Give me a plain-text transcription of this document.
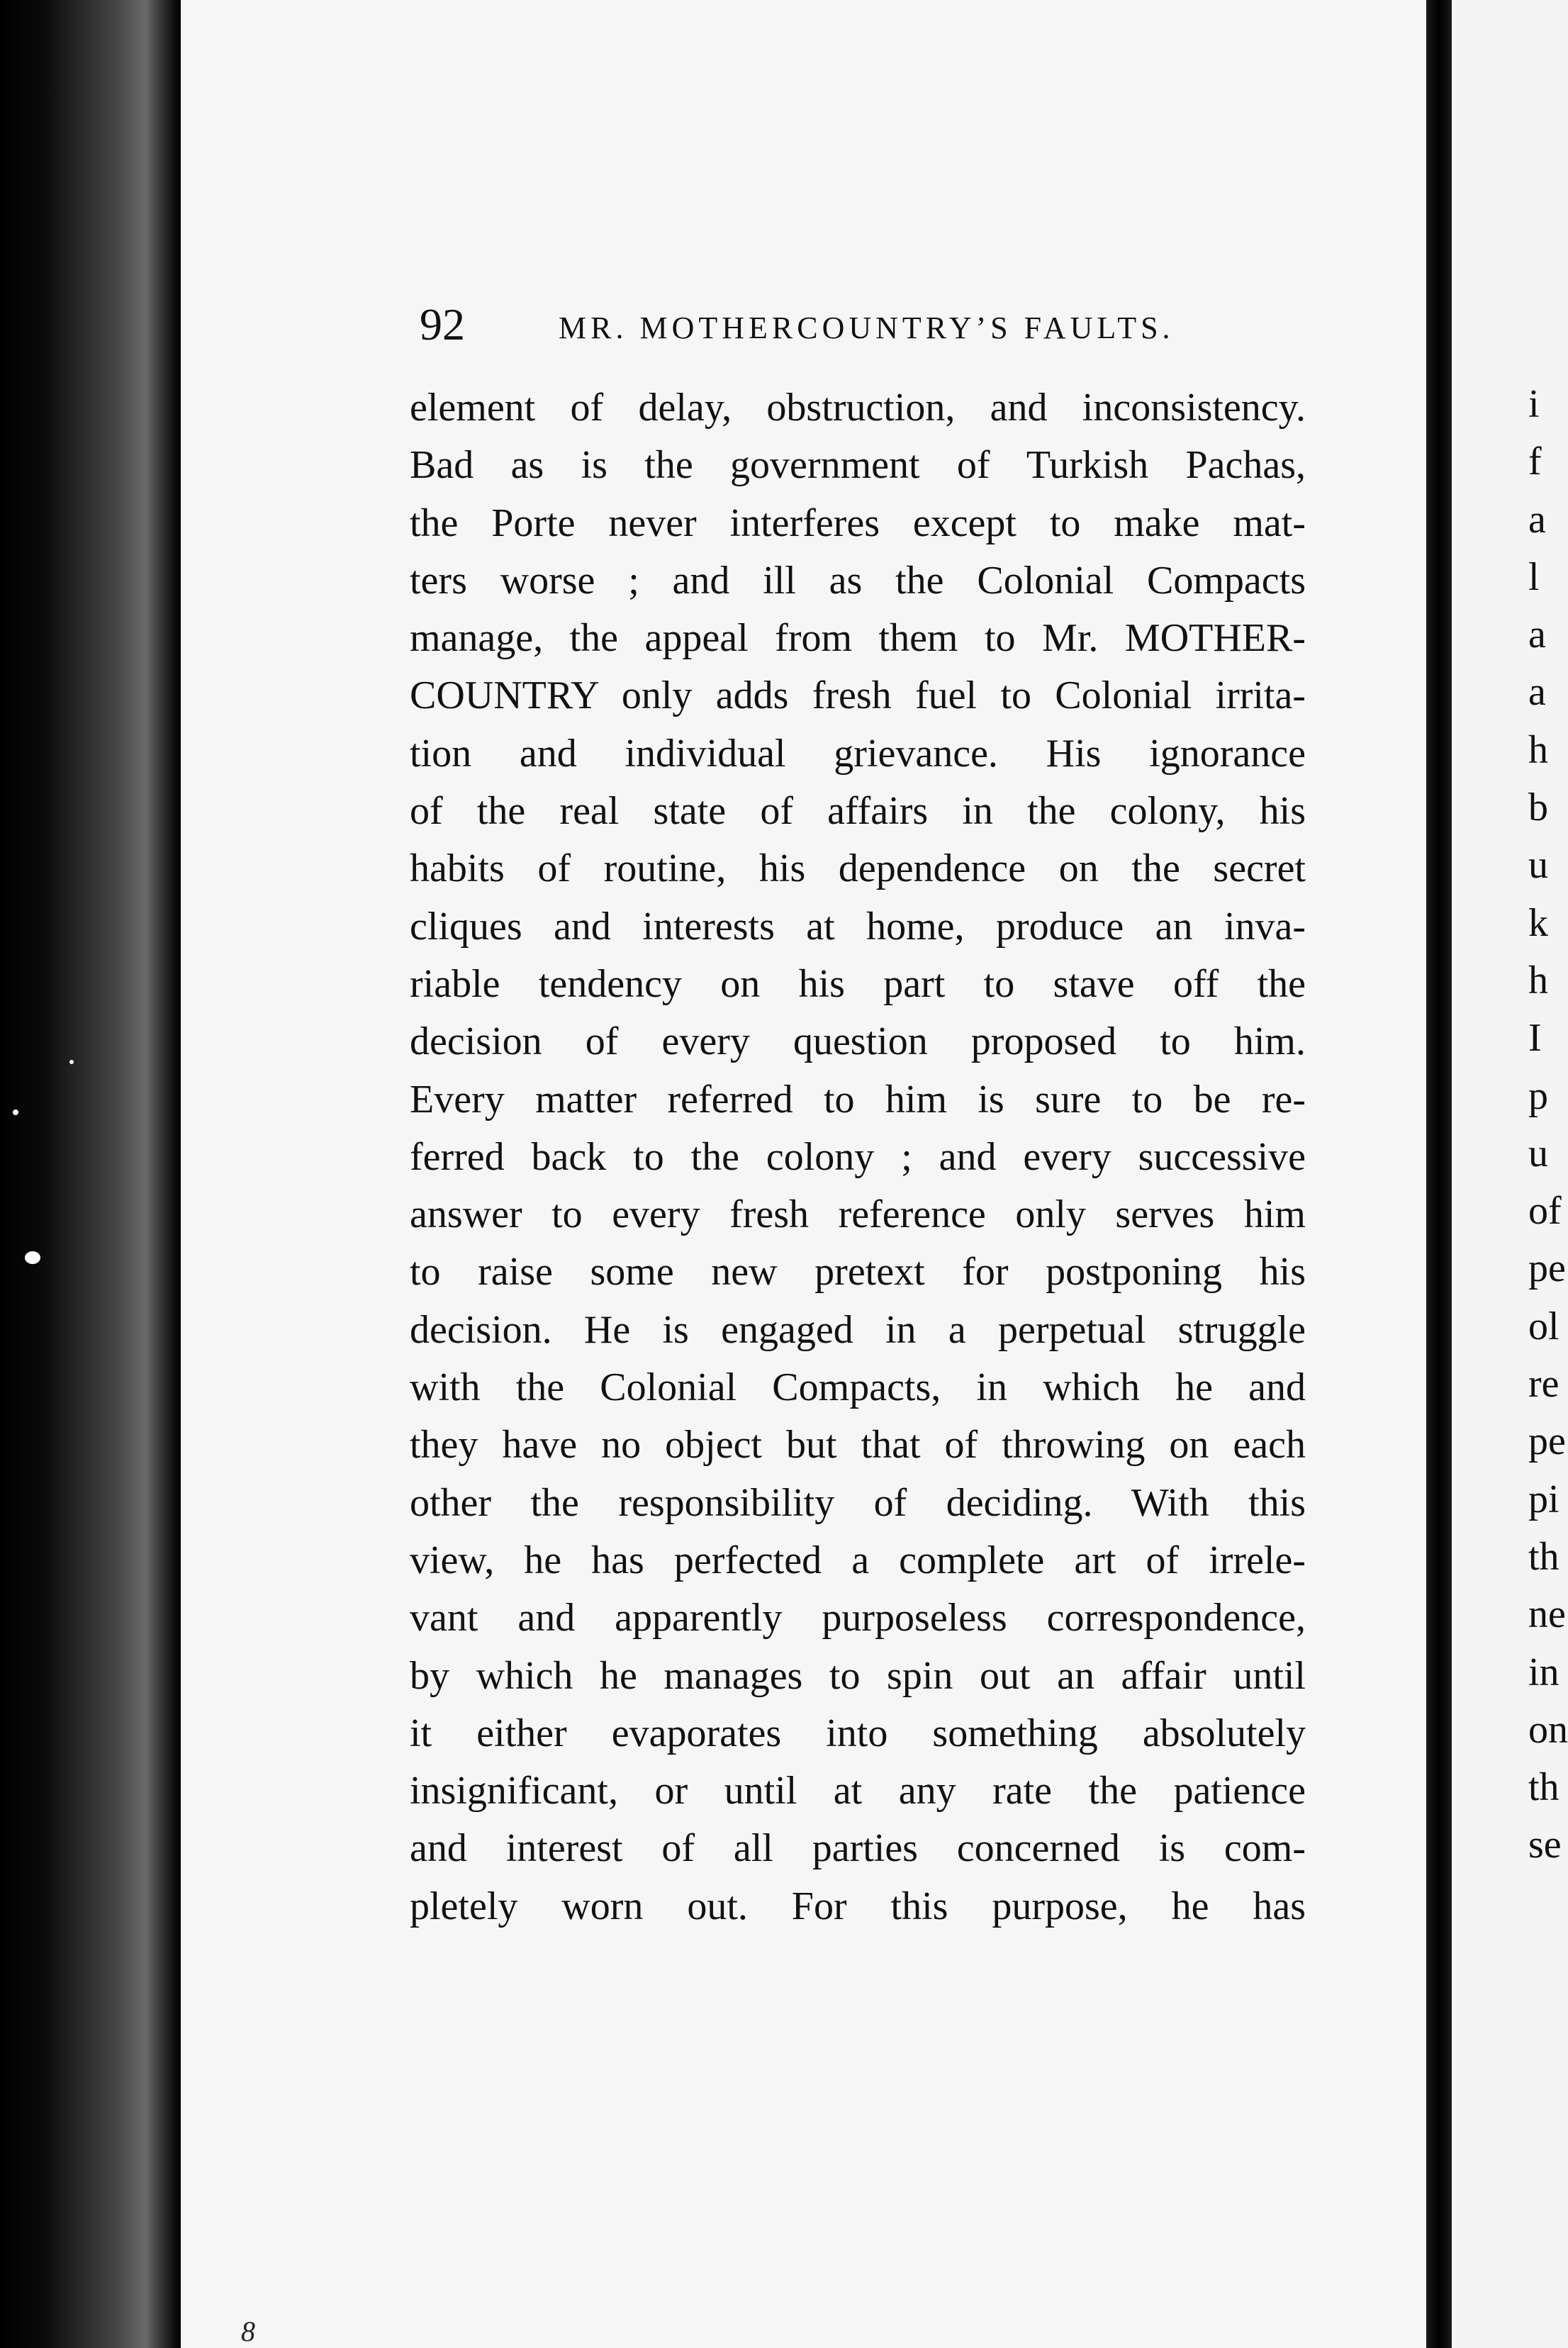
92	MR. MOTHERCOUNTRY’S FAULTS.
element of delay, obstruction, and inconsistency.
Bad as is the government of Turkish Pachas,
the Porte never interferes except to make mat-
ters worse ; and ill as the Colonial Compacts
manage, the appeal from them to Mr. MOTHER-
COUNTRY only adds fresh fuel to Colonial irrita-
tion and individual grievance. His ignorance
of the real state of affairs in the colony, his
habits of routine, his dependence on the secret
cliques and interests at home, produce an inva-
riable tendency on his part to stave off the
decision of every question proposed to him.
Every matter referred to him is sure to be re-
ferred back to the colony ; and every successive
answer to every fresh reference only serves him
to raise some new pretext for postponing his
decision. He is engaged in a perpetual struggle
with the Colonial Compacts, in which he and
they have no object but that of throwing on each
other the responsibility of deciding. With this
view, he has perfected a complete art of irrele-
vant and apparently purposeless correspondence,
by which he manages to spin out an affair until
it either evaporates into something absolutely
insignificant, or until at any rate the patience
and interest of all parties concerned is com-
pletely worn out. For this purpose, he has
i
f
a
l
a
a
h
b
u
k
h
I
p
u
of
pe
ol
re
pe
pi
th
ne
in
on
th
se
8
